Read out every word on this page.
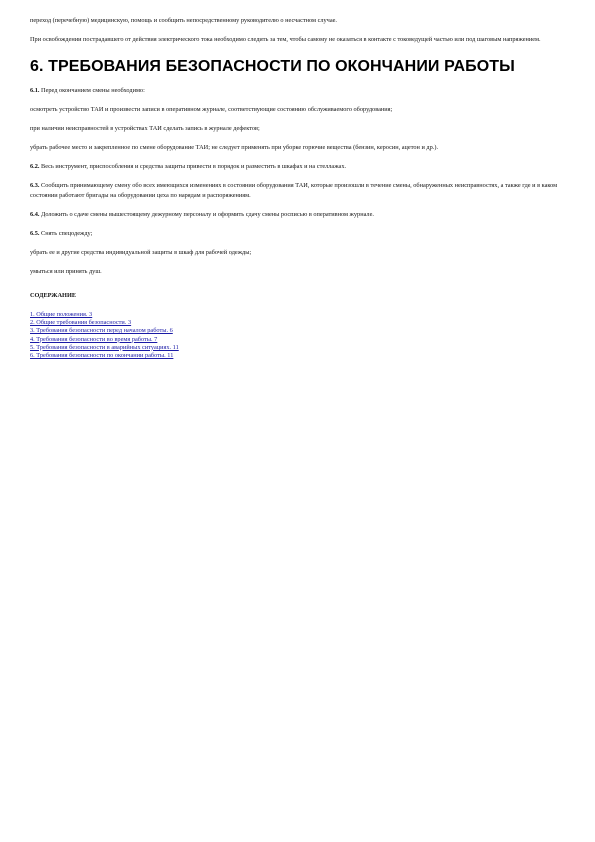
переход (перечебную) медицинскую, помощь и сообщить непосредственному руководителю о несчастном случае.

При освобождении пострадавшего от действия электрического тока необходимо следить за тем, чтобы самому не оказаться в контакте с токоведущей частью или под шаговым напряжением.

6. ТРЕБОВАНИЯ БЕЗОПАСНОСТИ ПО ОКОНЧАНИИ РАБОТЫ

6.1. Перед окончанием смены необходимо:

осмотреть устройство ТАИ и произвести записи в оперативном журнале, соответствующие состоянию обслуживаемого оборудования;

при наличии неисправностей в устройствах ТАИ сделать запись в журнале дефектов;

убрать рабочее место и закрепленное по смене оборудование ТАИ; не следует применять при уборке горючие вещества (бензин, керосин, ацетон и др.).

6.2. Весь инструмент, приспособления и средства защиты привести в порядок и разместить в шкафах и на стеллажах.

6.3. Сообщить принимающему смену обо всех имеющихся изменениях в состоянии оборудования ТАИ, которые произошли в течение смены, обнаруженных неисправностях, а также где и в каком состоянии работают бригады на оборудовании цеха по нарядам и распоряжениям.

6.4. Доложить о сдаче смены вышестоящему дежурному персоналу и оформить сдачу смены росписью в оперативном журнале.

6.5. Снять спецодежду;

убрать ее и другие средства индивидуальной защиты в шкаф для рабочей одежды;

умыться или принять душ.

СОДЕРЖАНИЕ
1. Общие положения. 3
2. Общие требования безопасности. 3
3. Требования безопасности перед началом работы. 6
4. Требования безопасности во время работы. 7
5. Требования безопасности в аварийных ситуациях. 11
6. Требования безопасности по окончании работы. 11
